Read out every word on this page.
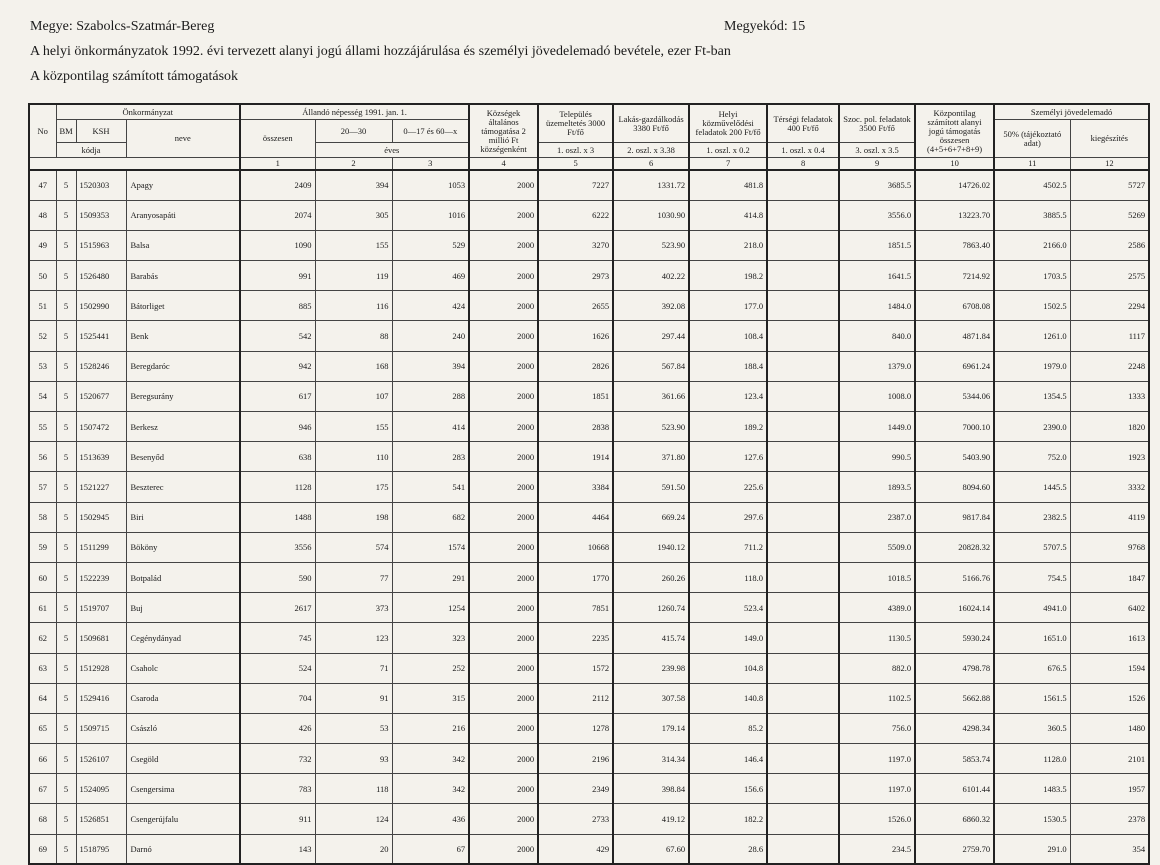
Megye: Szabolcs-Szatmár-Bereg	Megyekód: 15
A helyi önkormányzatok 1992. évi tervezett alanyi jogú állami hozzájárulása és személyi jövedelemadó bevétele, ezer Ft-ban
A központilag számított támogatások
No	Önkormányzat			Állandó népesség 1991. jan. 1.			Községek általános támogatása 2 millió Ft községenként	Település üzemeltetés 3000 Ft/fő	Lakás-gazdálkodás 3380 Ft/fő	Helyi közművelődési feladatok 200 Ft/fő	Térségi feladatok 400 Ft/fő	Szoc. pol. feladatok 3500 Ft/fő	Központilag számított alanyi jogú támogatás összesen (4+5+6+7+8+9)	Személyi jövedelemadó	
	BM	KSH	neve	összesen	20—30	0—17 és 60—x								50% (tájékoztató adat)	kiegészítés
	kódja				éves			1. oszl. x 3	2. oszl. x 3.38	1. oszl. x 0.2	1. oszl. x 0.4	3. oszl. x 3.5			
				1	2	3	4	5	6	7	8	9	10	11	12
47	5	1520303	Apagy	2409	394	1053	2000	7227	1331.72	481.8		3685.5	14726.02	4502.5	5727
48	5	1509353	Aranyosapáti	2074	305	1016	2000	6222	1030.90	414.8		3556.0	13223.70	3885.5	5269
49	5	1515963	Balsa	1090	155	529	2000	3270	523.90	218.0		1851.5	7863.40	2166.0	2586
50	5	1526480	Barabás	991	119	469	2000	2973	402.22	198.2		1641.5	7214.92	1703.5	2575
51	5	1502990	Bátorliget	885	116	424	2000	2655	392.08	177.0		1484.0	6708.08	1502.5	2294
52	5	1525441	Benk	542	88	240	2000	1626	297.44	108.4		840.0	4871.84	1261.0	1117
53	5	1528246	Beregdaróc	942	168	394	2000	2826	567.84	188.4		1379.0	6961.24	1979.0	2248
54	5	1520677	Beregsurány	617	107	288	2000	1851	361.66	123.4		1008.0	5344.06	1354.5	1333
55	5	1507472	Berkesz	946	155	414	2000	2838	523.90	189.2		1449.0	7000.10	2390.0	1820
56	5	1513639	Besenyőd	638	110	283	2000	1914	371.80	127.6		990.5	5403.90	752.0	1923
57	5	1521227	Beszterec	1128	175	541	2000	3384	591.50	225.6		1893.5	8094.60	1445.5	3332
58	5	1502945	Biri	1488	198	682	2000	4464	669.24	297.6		2387.0	9817.84	2382.5	4119
59	5	1511299	Bököny	3556	574	1574	2000	10668	1940.12	711.2		5509.0	20828.32	5707.5	9768
60	5	1522239	Botpalád	590	77	291	2000	1770	260.26	118.0		1018.5	5166.76	754.5	1847
61	5	1519707	Buj	2617	373	1254	2000	7851	1260.74	523.4		4389.0	16024.14	4941.0	6402
62	5	1509681	Cegénydányad	745	123	323	2000	2235	415.74	149.0		1130.5	5930.24	1651.0	1613
63	5	1512928	Csaholc	524	71	252	2000	1572	239.98	104.8		882.0	4798.78	676.5	1594
64	5	1529416	Csaroda	704	91	315	2000	2112	307.58	140.8		1102.5	5662.88	1561.5	1526
65	5	1509715	Császló	426	53	216	2000	1278	179.14	85.2		756.0	4298.34	360.5	1480
66	5	1526107	Csegöld	732	93	342	2000	2196	314.34	146.4		1197.0	5853.74	1128.0	2101
67	5	1524095	Csengersima	783	118	342	2000	2349	398.84	156.6		1197.0	6101.44	1483.5	1957
68	5	1526851	Csengerújfalu	911	124	436	2000	2733	419.12	182.2		1526.0	6860.32	1530.5	2378
69	5	1518795	Darnó	143	20	67	2000	429	67.60	28.6		234.5	2759.70	291.0	354
